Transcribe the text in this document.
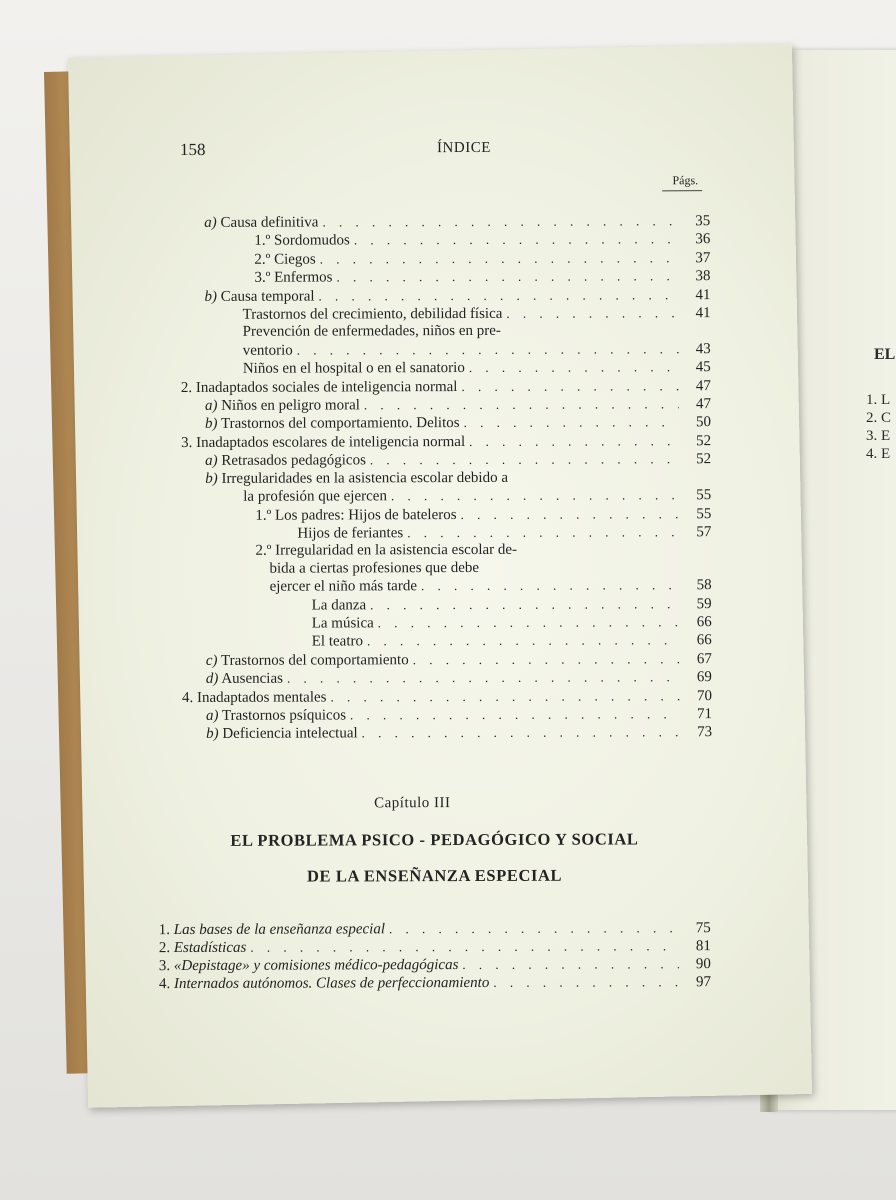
EL
1. L
2. C
3. E
4. E
158	ÍNDICE
Págs.
a) Causa definitiva . . .	35
1.º Sordomudos . . .	36
2.º Ciegos . . .	37
3.º Enfermos . . .	38
b) Causa temporal . . .	41
Trastornos del crecimiento, debilidad física . . .	41
Prevención de enfermedades, niños en pre-
ventorio . . .	43
Niños en el hospital o en el sanatorio . . .	45
2. Inadaptados sociales de inteligencia normal . . .	47
a) Niños en peligro moral . . .	47
b) Trastornos del comportamiento. Delitos . . .	50
3. Inadaptados escolares de inteligencia normal . . .	52
a) Retrasados pedagógicos . . .	52
b) Irregularidades en la asistencia escolar debido a
la profesión que ejercen . . .	55
1.º Los padres: Hijos de bateleros . . .	55
Hijos de feriantes . . .	57
2.º Irregularidad en la asistencia escolar de-
bida a ciertas profesiones que debe
ejercer el niño más tarde . . .	58
La danza . . .	59
La música . . .	66
El teatro . . .	66
c) Trastornos del comportamiento . . .	67
d) Ausencias . . .	69
4. Inadaptados mentales . . .	70
a) Trastornos psíquicos . . .	71
b) Deficiencia intelectual . . .	73
Capítulo III
EL PROBLEMA PSICO - PEDAGÓGICO Y SOCIAL
DE LA ENSEÑANZA ESPECIAL
1. Las bases de la enseñanza especial . . .	75
2. Estadísticas . . .	81
3. «Depistage» y comisiones médico-pedagógicas . . .	90
4. Internados autónomos. Clases de perfeccionamiento . . .	97
